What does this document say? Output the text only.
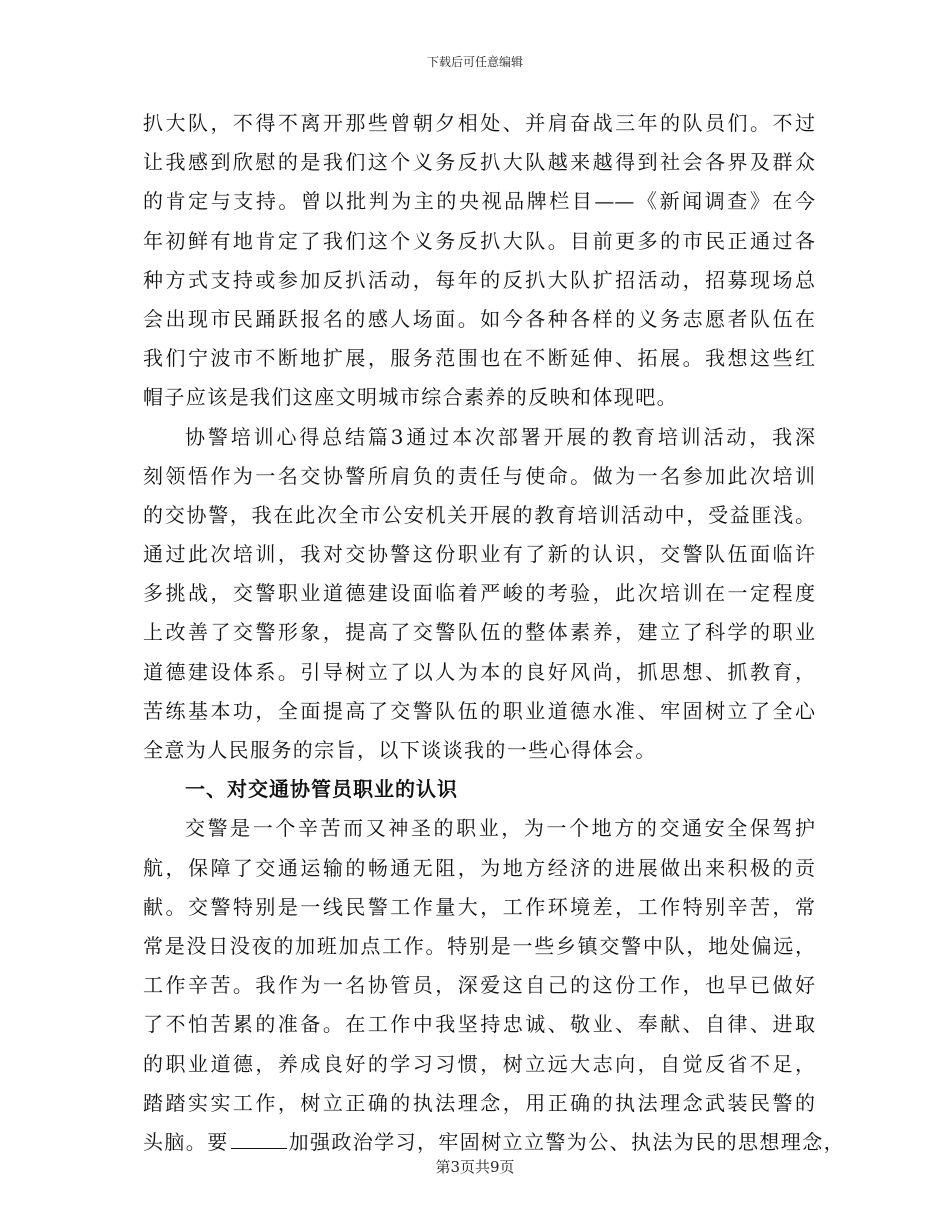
下载后可任意编辑
扒大队，不得不离开那些曾朝夕相处、并肩奋战三年的队员们。不过
让我感到欣慰的是我们这个义务反扒大队越来越得到社会各界及群众
的肯定与支持。曾以批判为主的央视品牌栏目——《新闻调查》在今
年初鲜有地肯定了我们这个义务反扒大队。目前更多的市民正通过各
种方式支持或参加反扒活动，每年的反扒大队扩招活动，招募现场总
会出现市民踊跃报名的感人场面。如今各种各样的义务志愿者队伍在
我们宁波市不断地扩展，服务范围也在不断延伸、拓展。我想这些红
帽子应该是我们这座文明城市综合素养的反映和体现吧。
协警培训心得总结篇3通过本次部署开展的教育培训活动，我深
刻领悟作为一名交协警所肩负的责任与使命。做为一名参加此次培训
的交协警，我在此次全市公安机关开展的教育培训活动中，受益匪浅。
通过此次培训，我对交协警这份职业有了新的认识，交警队伍面临许
多挑战，交警职业道德建设面临着严峻的考验，此次培训在一定程度
上改善了交警形象，提高了交警队伍的整体素养，建立了科学的职业
道德建设体系。引导树立了以人为本的良好风尚，抓思想、抓教育，
苦练基本功，全面提高了交警队伍的职业道德水准、牢固树立了全心
全意为人民服务的宗旨，以下谈谈我的一些心得体会。
一、对交通协管员职业的认识
交警是一个辛苦而又神圣的职业，为一个地方的交通安全保驾护
航，保障了交通运输的畅通无阻，为地方经济的进展做出来积极的贡
献。交警特别是一线民警工作量大，工作环境差，工作特别辛苦，常
常是没日没夜的加班加点工作。特别是一些乡镇交警中队，地处偏远，
工作辛苦。我作为一名协管员，深爱这自己的这份工作，也早已做好
了不怕苦累的准备。在工作中我坚持忠诚、敬业、奉献、自律、进取
的职业道德，养成良好的学习习惯，树立远大志向，自觉反省不足，
踏踏实实工作，树立正确的执法理念，用正确的执法理念武装民警的
头脑。要	加强政治学习，牢固树立立警为公、执法为民的思想理念，
第3页共9页
